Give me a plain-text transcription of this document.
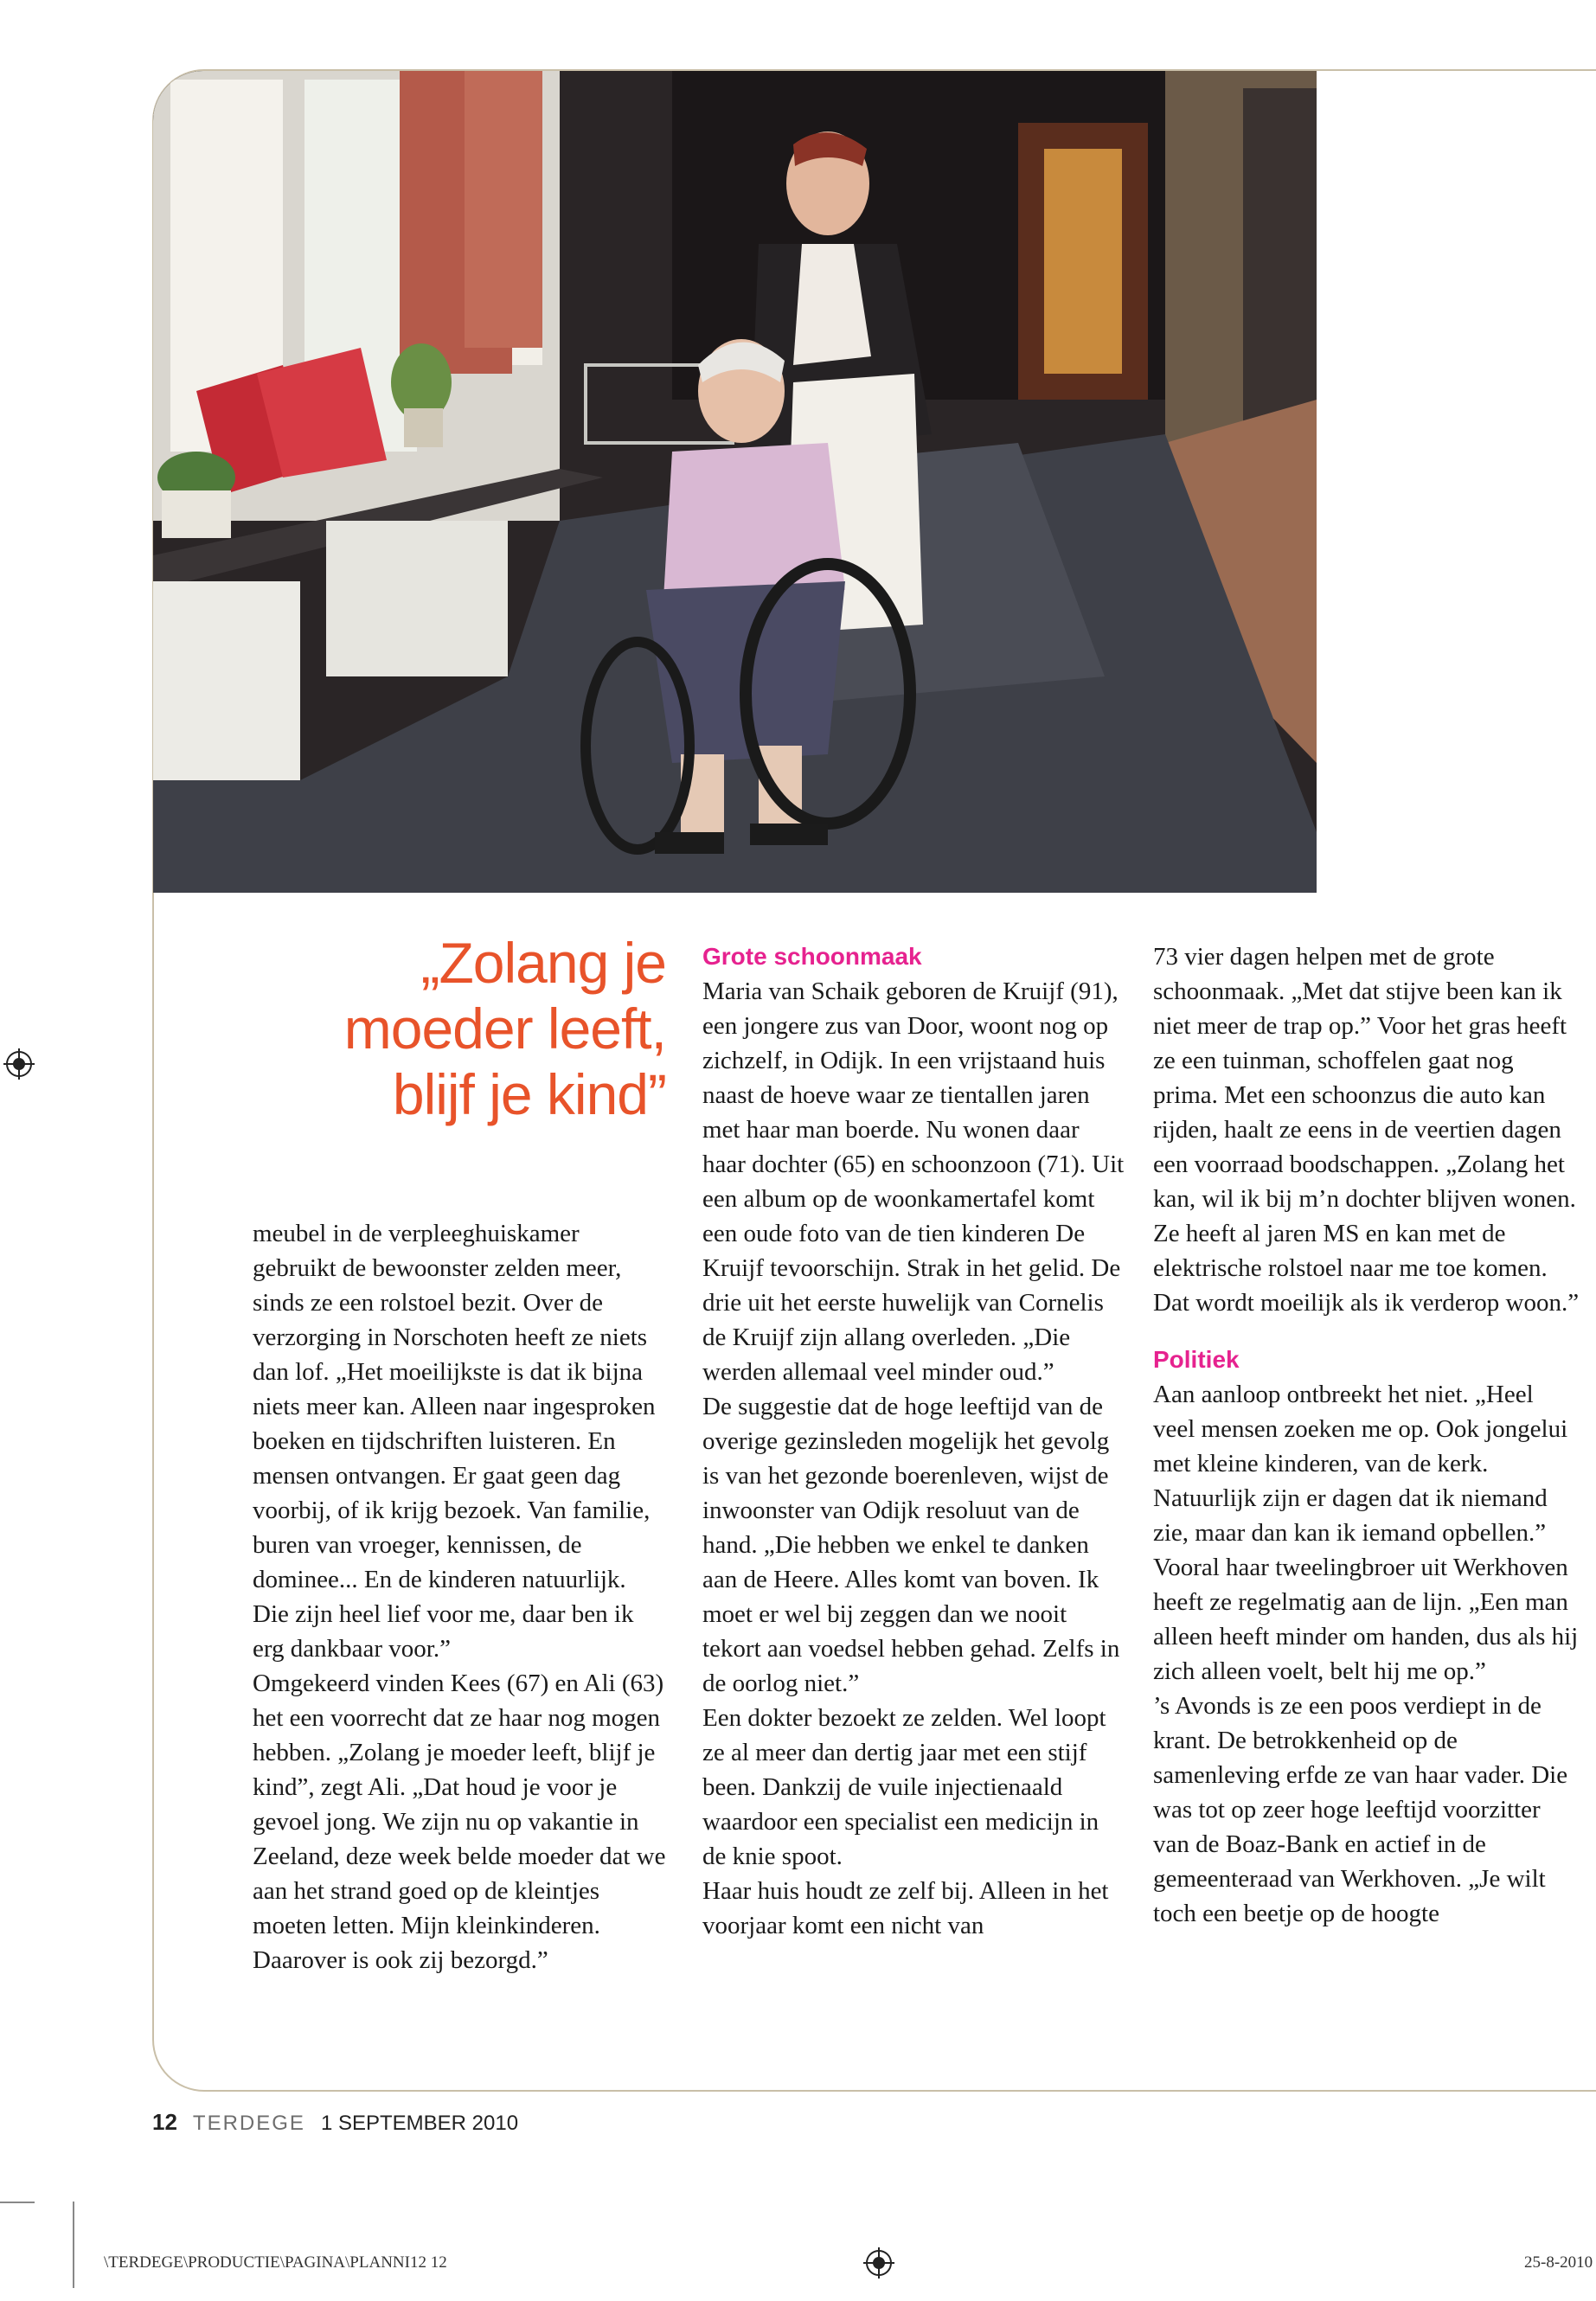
„Zolang je
moeder leeft,
blijf je kind”

meubel in de verpleeghuiskamer gebruikt de bewoonster zelden meer, sinds ze een rolstoel bezit. Over de verzorging in Norschoten heeft ze niets dan lof. „Het moeilijkste is dat ik bijna niets meer kan. Alleen naar ingesproken boeken en tijdschriften luisteren. En mensen ontvangen. Er gaat geen dag voorbij, of ik krijg bezoek. Van familie, buren van vroeger, kennissen, de dominee... En de kinderen natuurlijk. Die zijn heel lief voor me, daar ben ik erg dankbaar voor.”

Omgekeerd vinden Kees (67) en Ali (63) het een voorrecht dat ze haar nog mogen hebben. „Zolang je moeder leeft, blijf je kind”, zegt Ali. „Dat houd je voor je gevoel jong. We zijn nu op vakantie in Zeeland, deze week belde moeder dat we aan het strand goed op de kleintjes moeten letten. Mijn kleinkinderen. Daarover is ook zij bezorgd.”

Grote schoonmaak

Maria van Schaik geboren de Kruijf (91), een jongere zus van Door, woont nog op zichzelf, in Odijk. In een vrijstaand huis naast de hoeve waar ze tientallen jaren met haar man boerde. Nu wonen daar haar dochter (65) en schoonzoon (71). Uit een album op de woonkamertafel komt een oude foto van de tien kinderen De Kruijf tevoorschijn. Strak in het gelid. De drie uit het eerste huwelijk van Cornelis de Kruijf zijn allang overleden. „Die werden allemaal veel minder oud.”

De suggestie dat de hoge leeftijd van de overige gezinsleden mogelijk het gevolg is van het gezonde boerenleven, wijst de inwoonster van Odijk resoluut van de hand. „Die hebben we enkel te danken aan de Heere. Alles komt van boven. Ik moet er wel bij zeggen dan we nooit tekort aan voedsel hebben gehad. Zelfs in de oorlog niet.”

Een dokter bezoekt ze zelden. Wel loopt ze al meer dan dertig jaar met een stijf been. Dankzij de vuile injectienaald waardoor een specialist een medicijn in de knie spoot.

Haar huis houdt ze zelf bij. Alleen in het voorjaar komt een nicht van

73 vier dagen helpen met de grote schoonmaak. „Met dat stijve been kan ik niet meer de trap op.” Voor het gras heeft ze een tuinman, schoffelen gaat nog prima. Met een schoonzus die auto kan rijden, haalt ze eens in de veertien dagen een voorraad boodschappen. „Zolang het kan, wil ik bij m’n dochter blijven wonen. Ze heeft al jaren MS en kan met de elektrische rolstoel naar me toe komen. Dat wordt moeilijk als ik verderop woon.”

Politiek

Aan aanloop ontbreekt het niet. „Heel veel mensen zoeken me op. Ook jongelui met kleine kinderen, van de kerk. Natuurlijk zijn er dagen dat ik niemand zie, maar dan kan ik iemand opbellen.”

Vooral haar tweelingbroer uit Werkhoven heeft ze regelmatig aan de lijn. „Een man alleen heeft minder om handen, dus als hij zich alleen voelt, belt hij me op.”

’s Avonds is ze een poos verdiept in de krant. De betrokkenheid op de samenleving erfde ze van haar vader. Die was tot op zeer hoge leeftijd voorzitter van de Boaz-Bank en actief in de gemeenteraad van Werkhoven. „Je wilt toch een beetje op de hoogte

12 TERDEGE 1 SEPTEMBER 2010
\TERDEGE\PRODUCTIE\PAGINA\PLANNI12 12	25-8-2010
